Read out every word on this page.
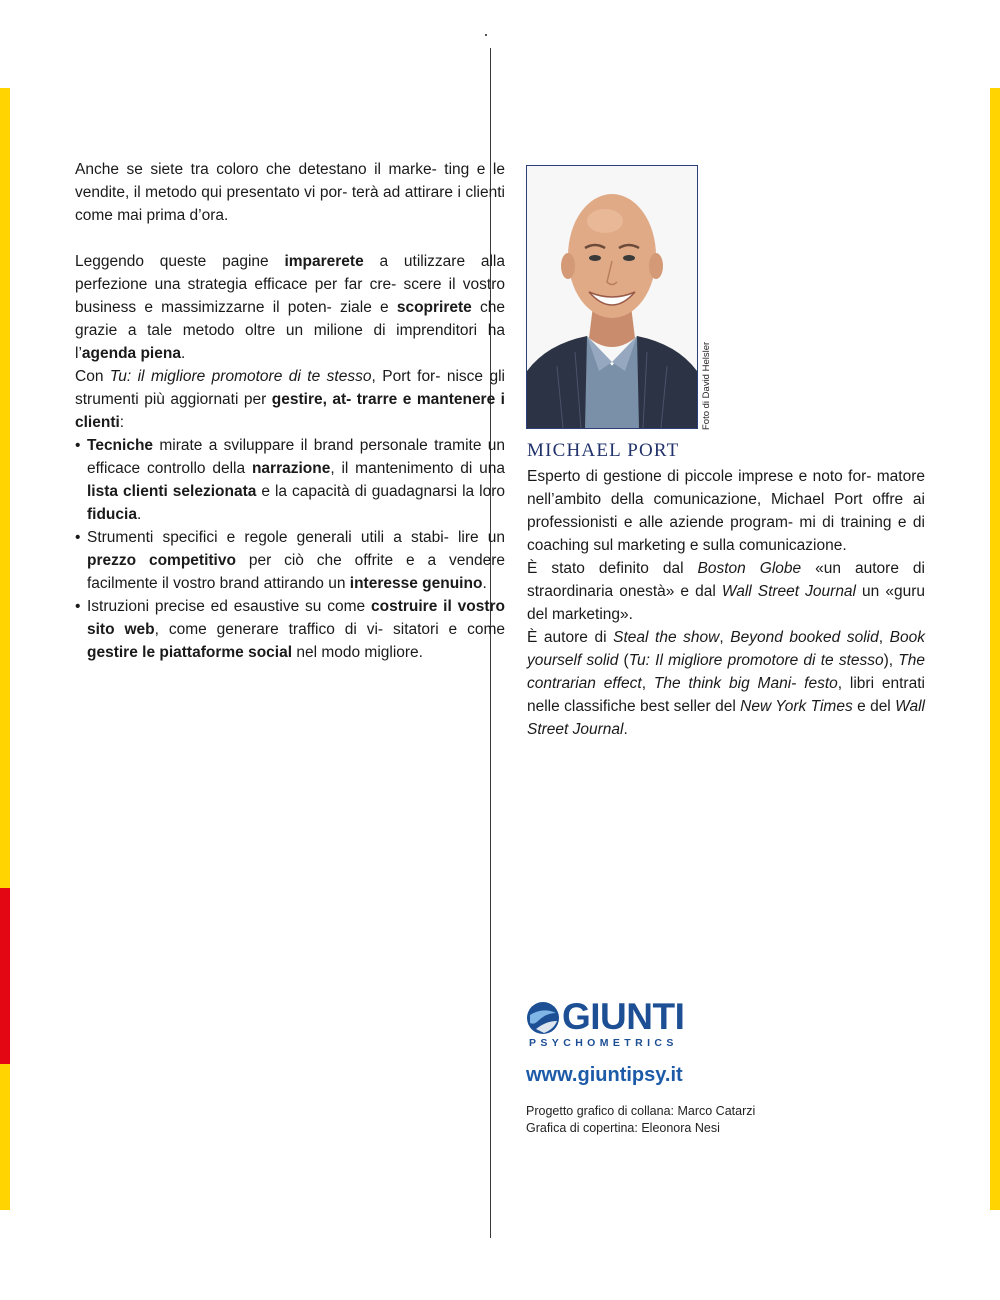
Anche se siete tra coloro che detestano il marke- ting e le vendite, il metodo qui presentato vi por- terà ad attirare i clienti come mai prima d’ora.

Leggendo queste pagine imparerete a utilizzare alla perfezione una strategia efficace per far cre- scere il vostro business e massimizzarne il poten- ziale e scoprirete che grazie a tale metodo oltre un milione di imprenditori ha l’agenda piena.

Con Tu: il migliore promotore di te stesso, Port for- nisce gli strumenti più aggiornati per gestire, at- trarre e mantenere i clienti:

• Tecniche mirate a sviluppare il brand personale tramite un efficace controllo della narrazione, il mantenimento di una lista clienti selezionata e la capacità di guadagnarsi la loro fiducia.
• Strumenti specifici e regole generali utili a stabi- lire un prezzo competitivo per ciò che offrite e a vendere facilmente il vostro brand attirando un interesse genuino.
• Istruzioni precise ed esaustive su come costruire il vostro sito web, come generare traffico di vi- sitatori e come gestire le piattaforme social nel modo migliore.
Foto di David Helsler
MICHAEL PORT

Esperto di gestione di piccole imprese e noto for- matore nell’ambito della comunicazione, Michael Port offre ai professionisti e alle aziende program- mi di training e di coaching sul marketing e sulla comunicazione.

È stato definito dal Boston Globe «un autore di straordinaria onestà» e dal Wall Street Journal un «guru del marketing».

È autore di Steal the show, Beyond booked solid, Book yourself solid (Tu: Il migliore promotore di te stesso), The contrarian effect, The think big Mani- festo, libri entrati nelle classifiche best seller del New York Times e del Wall Street Journal.

GIUNTI
PSYCHOMETRICS
www.giuntipsy.it
Progetto grafico di collana: Marco Catarzi
Grafica di copertina: Eleonora Nesi
